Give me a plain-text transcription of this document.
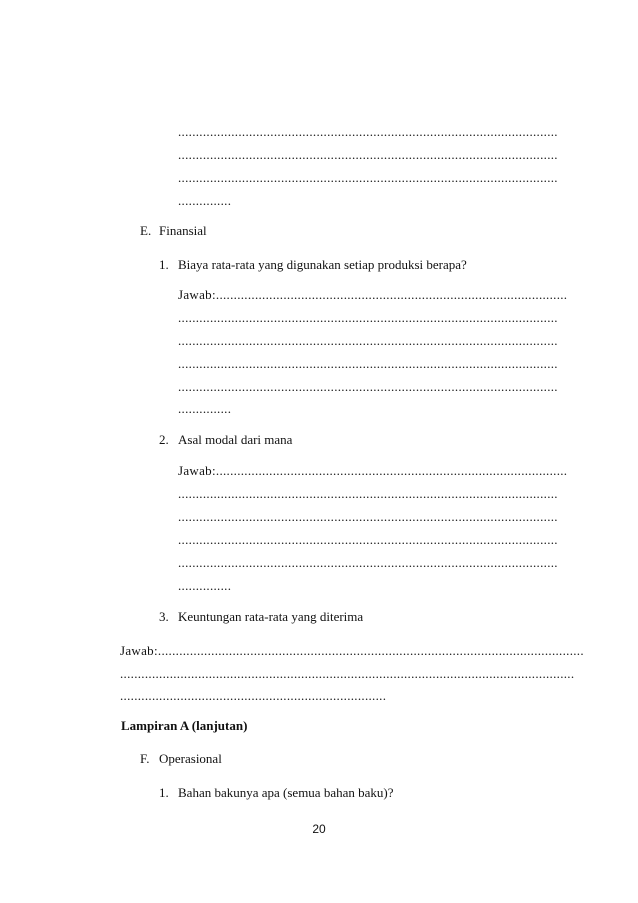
...........................................................................................................
...........................................................................................................
...........................................................................................................
...............
E. Finansial
1. Biaya rata-rata yang digunakan setiap produksi berapa?
Jawab:...................................................................................................
...........................................................................................................
...........................................................................................................
...........................................................................................................
...........................................................................................................
...............
2. Asal modal dari mana
Jawab:...................................................................................................
...........................................................................................................
...........................................................................................................
...........................................................................................................
...........................................................................................................
...............
3. Keuntungan rata-rata yang diterima
Jawab:........................................................................................................................
................................................................................................................................
...........................................................................
Lampiran A (lanjutan)
F. Operasional
1. Bahan bakunya apa (semua bahan baku)?
20
